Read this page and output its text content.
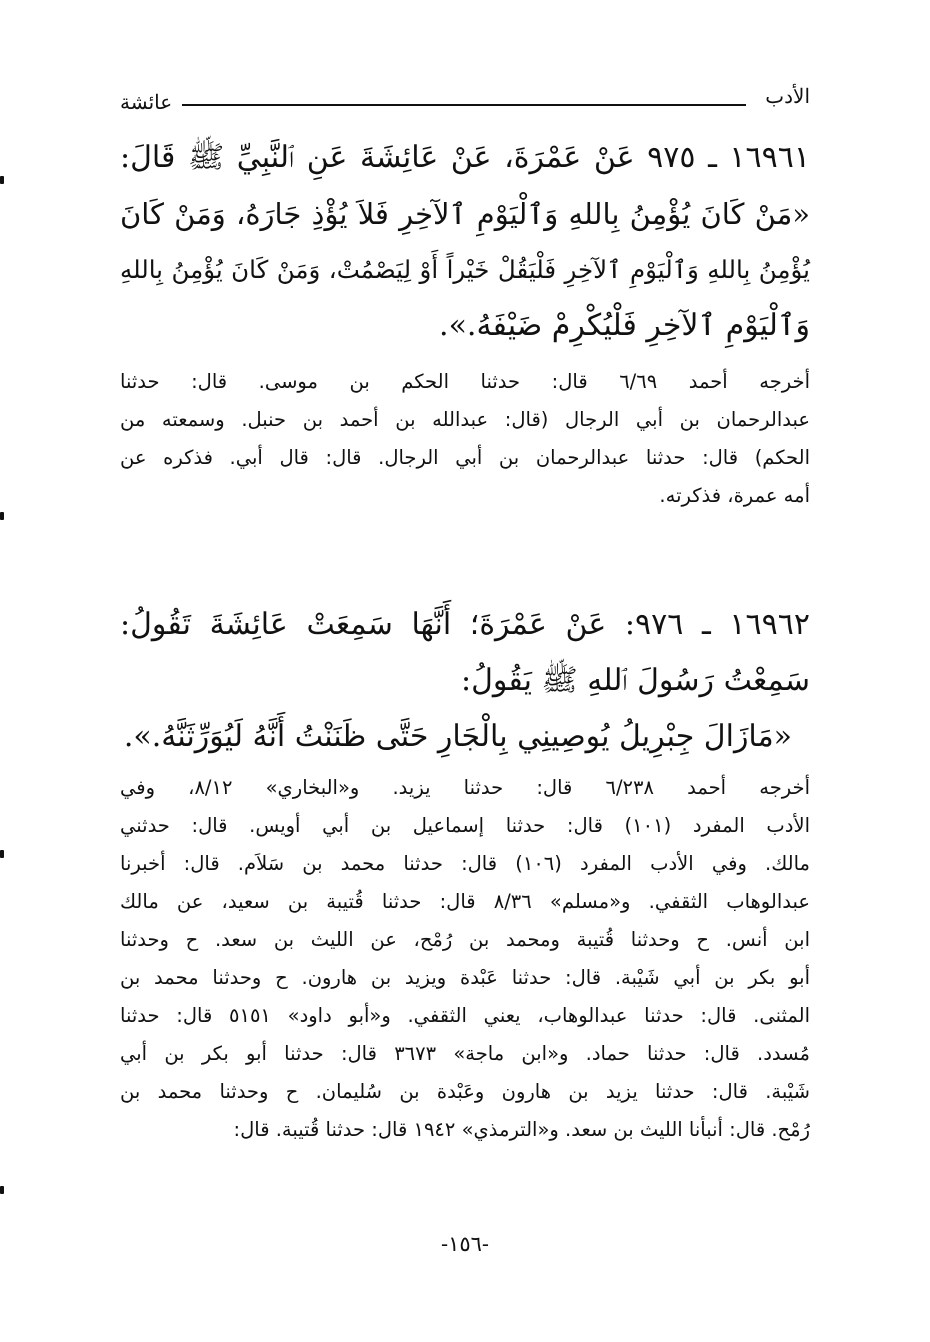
الأدب
عائشة
١٦٩٦١ ـ ٩٧٥ عَنْ عَمْرَةَ، عَنْ عَائِشَةَ عَنِ ٱلنَّبِيِّ ﷺ قَالَ:
«مَنْ كَانَ يُؤْمِنُ بِاللهِ وَٱلْيَوْمِ ٱلآخِرِ فَلاَ يُؤْذِ جَارَهُ، وَمَنْ كَانَ
يُؤْمِنُ بِاللهِ وَٱلْيَوْمِ ٱلآخِرِ فَلْيَقُلْ خَيْراً أَوْ لِيَصْمُتْ، وَمَنْ كَانَ يُؤْمِنُ بِاللهِ
وَٱلْيَوْمِ ٱلآخِرِ فَلْيُكْرِمْ ضَيْفَهُ.».
أخرجه أحمد ٦/٦٩ قال: حدثنا الحكم بن موسى. قال: حدثنا
عبدالرحمان بن أبي الرجال (قال: عبدالله بن أحمد بن حنبل. وسمعته من
الحكم) قال: حدثنا عبدالرحمان بن أبي الرجال. قال: قال أبي. فذكره عن
أمه عمرة، فذكرته.
١٦٩٦٢ ـ ٩٧٦: عَنْ عَمْرَةَ؛ أَنَّهَا سَمِعَتْ عَائِشَةَ تَقُولُ:
سَمِعْتُ رَسُولَ ٱللهِ ﷺ يَقُولُ:
«مَازَالَ جِبْرِيلُ يُوصِينِي بِالْجَارِ حَتَّى ظَنَنْتُ أَنَّهُ لَيُوَرِّثَنَّهُ.».
أخرجه أحمد ٦/٢٣٨ قال: حدثنا يزيد. و«البخاري» ٨/١٢، وفي
الأدب المفرد (١٠١) قال: حدثنا إسماعيل بن أبي أويس. قال: حدثني
مالك. وفي الأدب المفرد (١٠٦) قال: حدثنا محمد بن سَلاَم. قال: أخبرنا
عبدالوهاب الثقفي. و«مسلم» ٨/٣٦ قال: حدثنا قُتيبة بن سعيد، عن مالك
ابن أنس. ح وحدثنا قُتيبة ومحمد بن رُمْح، عن الليث بن سعد. ح وحدثنا
أبو بكر بن أبي شَيْبة. قال: حدثنا عَبْدة ويزيد بن هارون. ح وحدثنا محمد بن
المثنى. قال: حدثنا عبدالوهاب، يعني الثقفي. و«أبو داود» ٥١٥١ قال: حدثنا
مُسدد. قال: حدثنا حماد. و«ابن ماجة» ٣٦٧٣ قال: حدثنا أبو بكر بن أبي
شَيْبة. قال: حدثنا يزيد بن هارون وعَبْدة بن سُليمان. ح وحدثنا محمد بن
رُمْح. قال: أنبأنا الليث بن سعد. و«الترمذي» ١٩٤٢ قال: حدثنا قُتيبة. قال:
-١٥٦-
